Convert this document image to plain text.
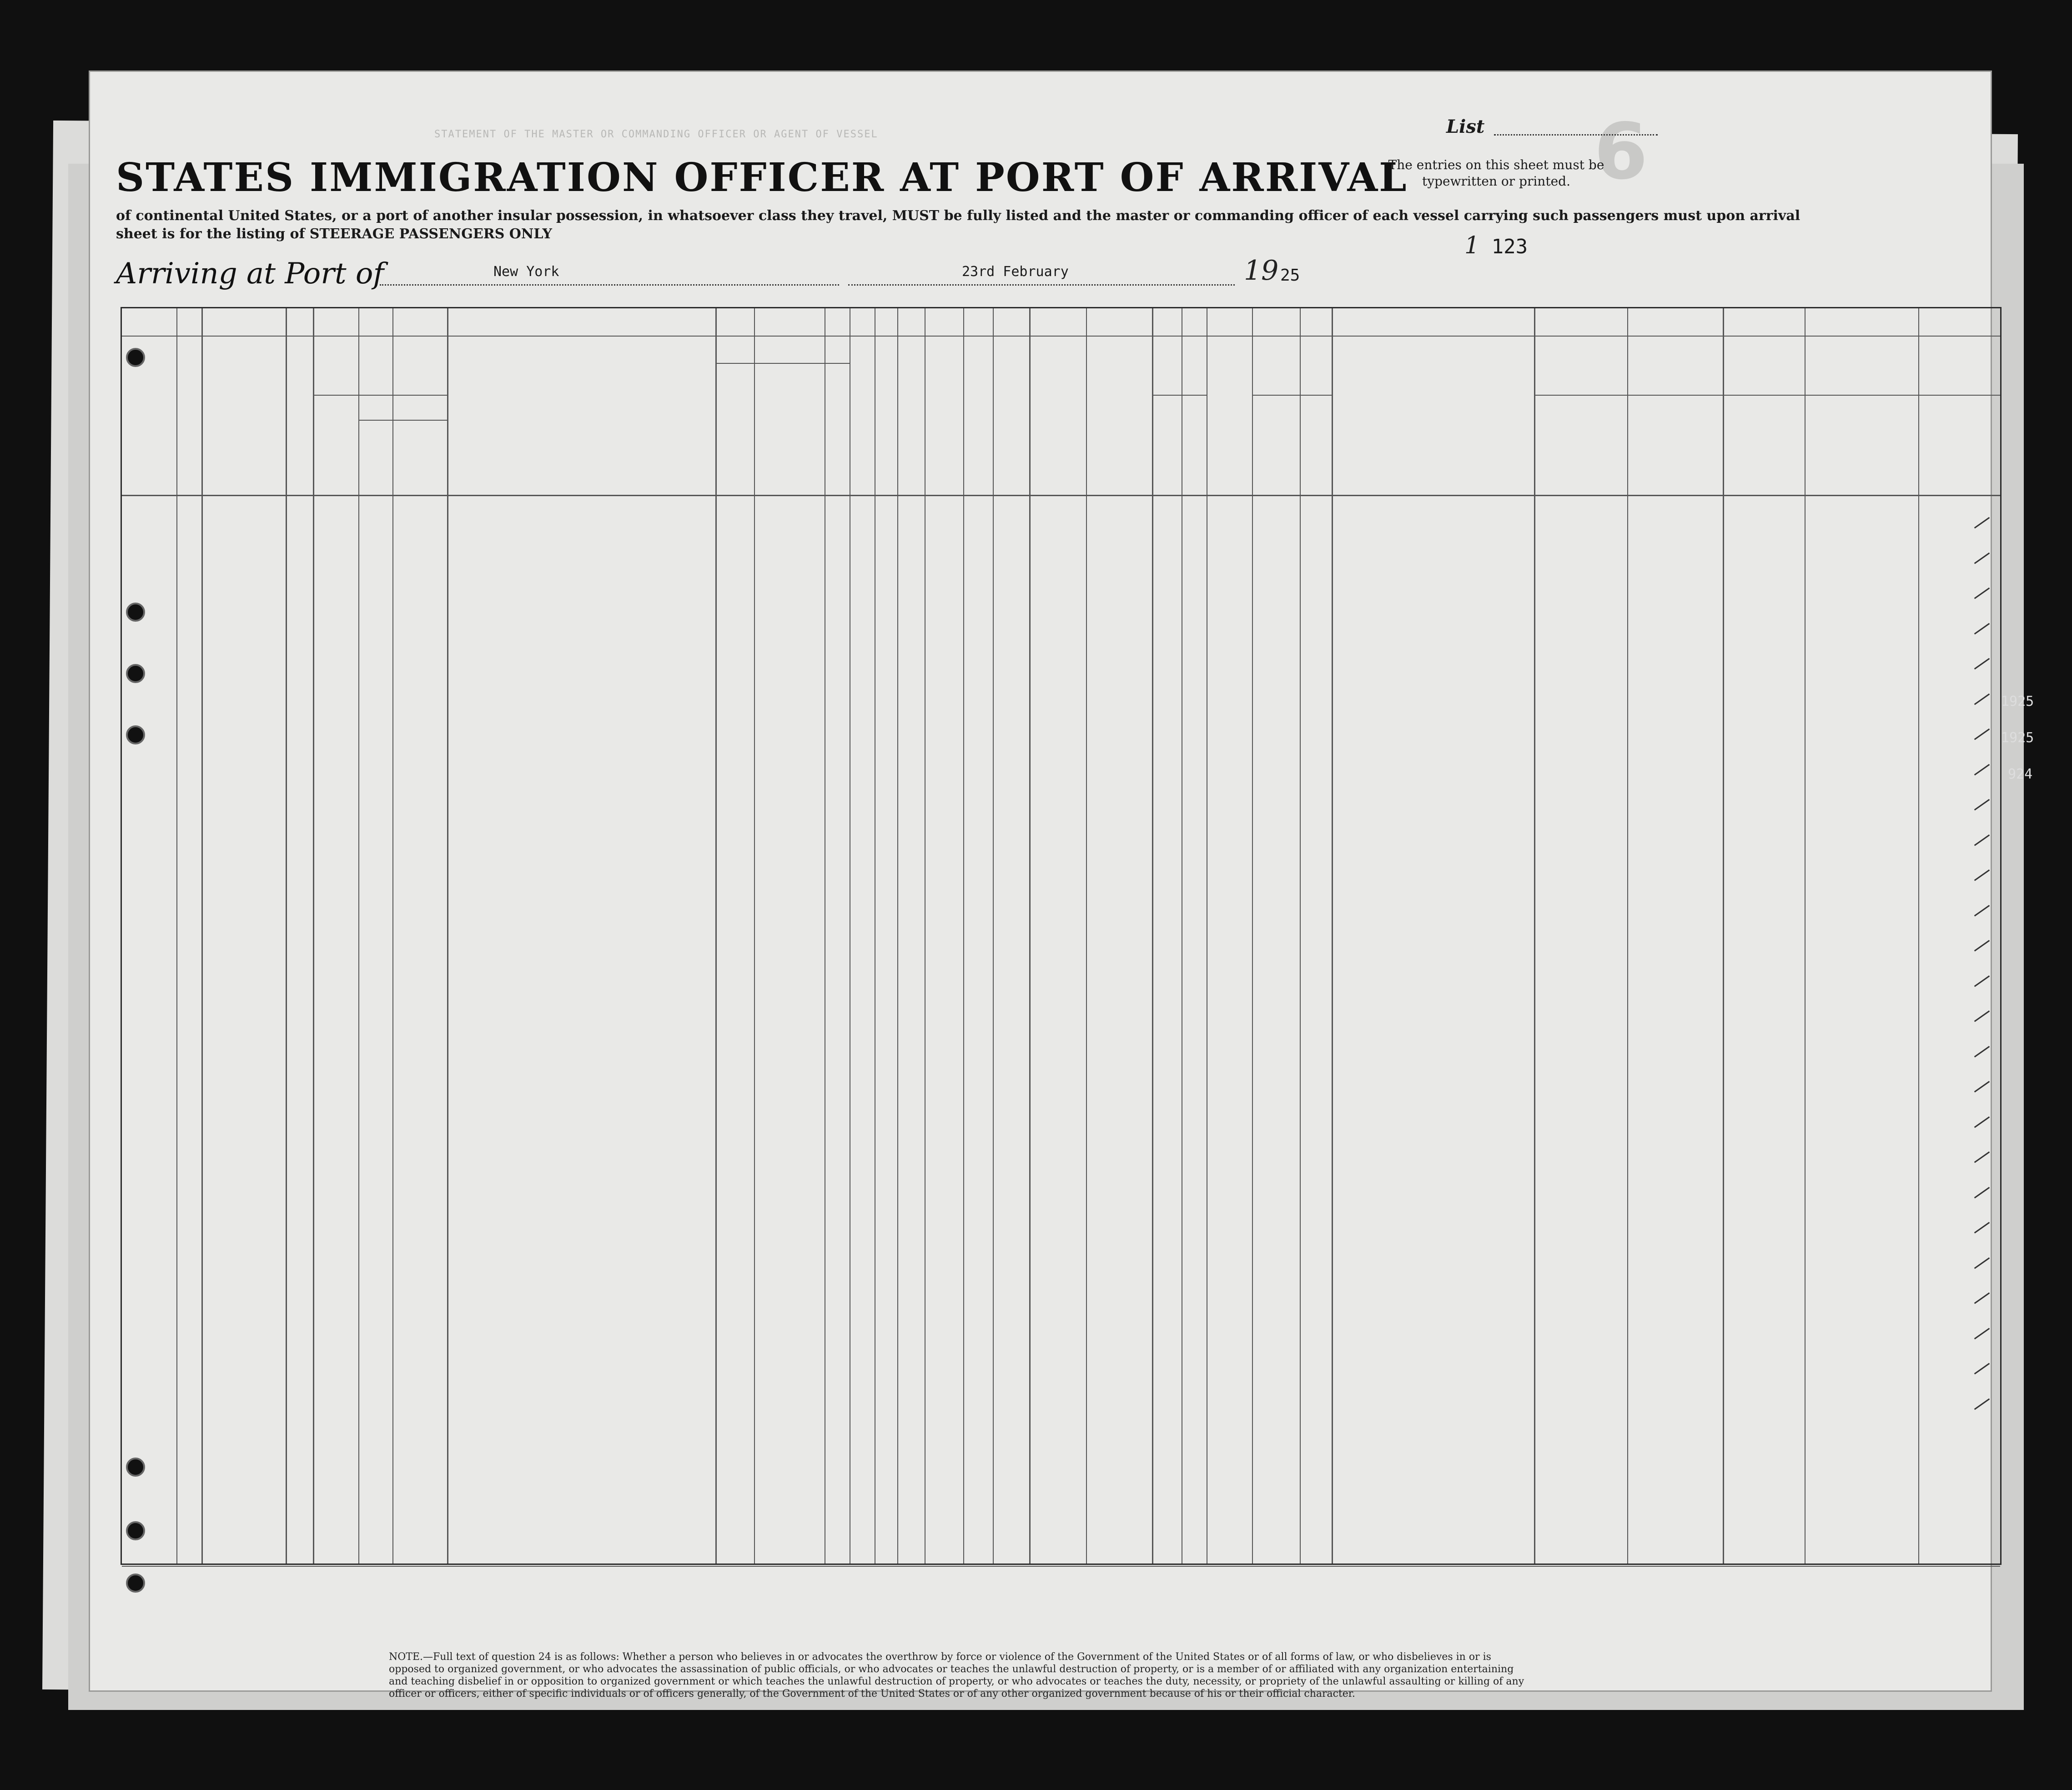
1925
1925
924
STATEMENT OF THE MASTER OR COMMANDING OFFICER OR AGENT OF VESSEL
STATES IMMIGRATION OFFICER AT PORT OF ARRIVAL 6
List
The entries on this sheet must be typewritten or printed.
of continental United States, or a port of another insular possession, in whatsoever class they travel, MUST be fully listed and the master or commanding officer of each vessel carrying such passengers must upon arrival
sheet is for the listing of STEERAGE PASSENGERS ONLY	1 123
Arriving at Port of	New York	23rd February	19 25
NOTE.—Full text of question 24 is as follows: Whether a person who believes in or advocates the overthrow by force or violence of the Government of the United States or of all forms of law, or who disbelieves in or is opposed to organized government, or who advocates the assassination of public officials, or who advocates or teaches the unlawful destruction of property, or is a member of or affiliated with any organization entertaining and teaching disbelief in or opposition to organized government or which teaches the unlawful destruction of property, or who advocates or teaches the duty, necessity, or propriety of the unlawful assaulting or killing of any officer or officers, either of specific individuals or of officers generally, of the Government of the United States or of any other organized government because of his or their official character.
